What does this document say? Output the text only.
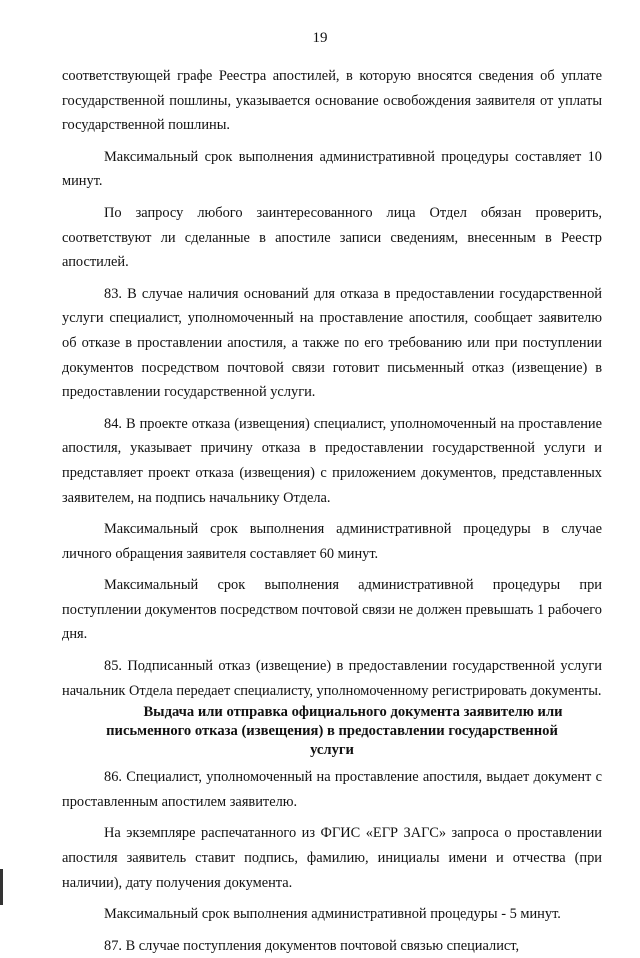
19

соответствующей графе Реестра апостилей, в которую вносятся сведения об уплате государственной пошлины, указывается основание освобождения заявителя от уплаты государственной пошлины.

Максимальный срок выполнения административной процедуры составляет 10 минут.

По запросу любого заинтересованного лица Отдел обязан проверить, соответствуют ли сделанные в апостиле записи сведениям, внесенным в Реестр апостилей.

83. В случае наличия оснований для отказа в предоставлении государственной услуги специалист, уполномоченный на проставление апостиля, сообщает заявителю об отказе в проставлении апостиля, а также по его требованию или при поступлении документов посредством почтовой связи готовит письменный отказ (извещение) в предоставлении государственной услуги.

84. В проекте отказа (извещения) специалист, уполномоченный на проставление апостиля, указывает причину отказа в предоставлении государственной услуги и представляет проект отказа (извещения) с приложением документов, представленных заявителем, на подпись начальнику Отдела.

Максимальный срок выполнения административной процедуры в случае личного обращения заявителя составляет 60 минут.

Максимальный срок выполнения административной процедуры при поступлении документов посредством почтовой связи не должен превышать 1 рабочего дня.

85. Подписанный отказ (извещение) в предоставлении государственной услуги начальник Отдела передает специалисту, уполномоченному регистрировать документы.

Выдача или отправка официального документа заявителю или письменного отказа (извещения) в предоставлении государственной услуги

86. Специалист, уполномоченный на проставление апостиля, выдает документ с проставленным апостилем заявителю.

На экземпляре распечатанного из ФГИС «ЕГР ЗАГС» запроса о проставлении апостиля заявитель ставит подпись, фамилию, инициалы имени и отчества (при наличии), дату получения документа.

Максимальный срок выполнения административной процедуры - 5 минут.

87. В случае поступления документов почтовой связью специалист,
